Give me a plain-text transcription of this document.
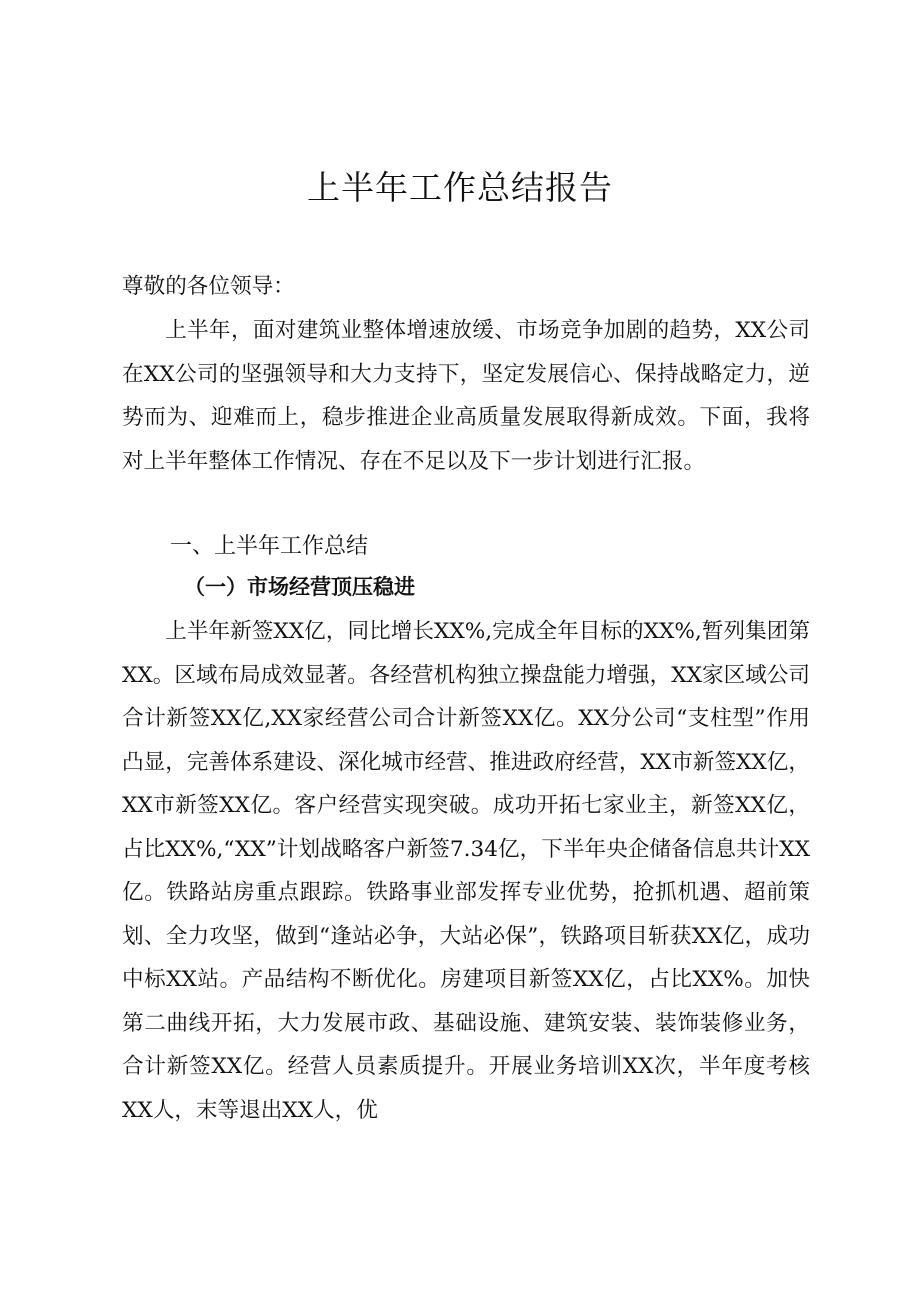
上半年工作总结报告

尊敬的各位领导：

上半年，面对建筑业整体增速放缓、市场竞争加剧的趋势，XX公司在XX公司的坚强领导和大力支持下，坚定发展信心、保持战略定力，逆势而为、迎难而上，稳步推进企业高质量发展取得新成效。下面，我将对上半年整体工作情况、存在不足以及下一步计划进行汇报。

一、上半年工作总结
（一）市场经营顶压稳进

上半年新签XX亿，同比增长XX%,完成全年目标的XX%,暂列集团第XX。区域布局成效显著。各经营机构独立操盘能力增强，XX家区域公司合计新签XX亿,XX家经营公司合计新签XX亿。XX分公司“支柱型”作用凸显，完善体系建设、深化城市经营、推进政府经营，XX市新签XX亿，XX市新签XX亿。客户经营实现突破。成功开拓七家业主，新签XX亿，占比XX%,“XX”计划战略客户新签7.34亿，下半年央企储备信息共计XX亿。铁路站房重点跟踪。铁路事业部发挥专业优势，抢抓机遇、超前策划、全力攻坚，做到“逢站必争，大站必保”，铁路项目斩获XX亿，成功中标XX站。产品结构不断优化。房建项目新签XX亿，占比XX%。加快第二曲线开拓，大力发展市政、基础设施、建筑安装、装饰装修业务，合计新签XX亿。经营人员素质提升。开展业务培训XX次，半年度考核XX人，末等退出XX人，优
